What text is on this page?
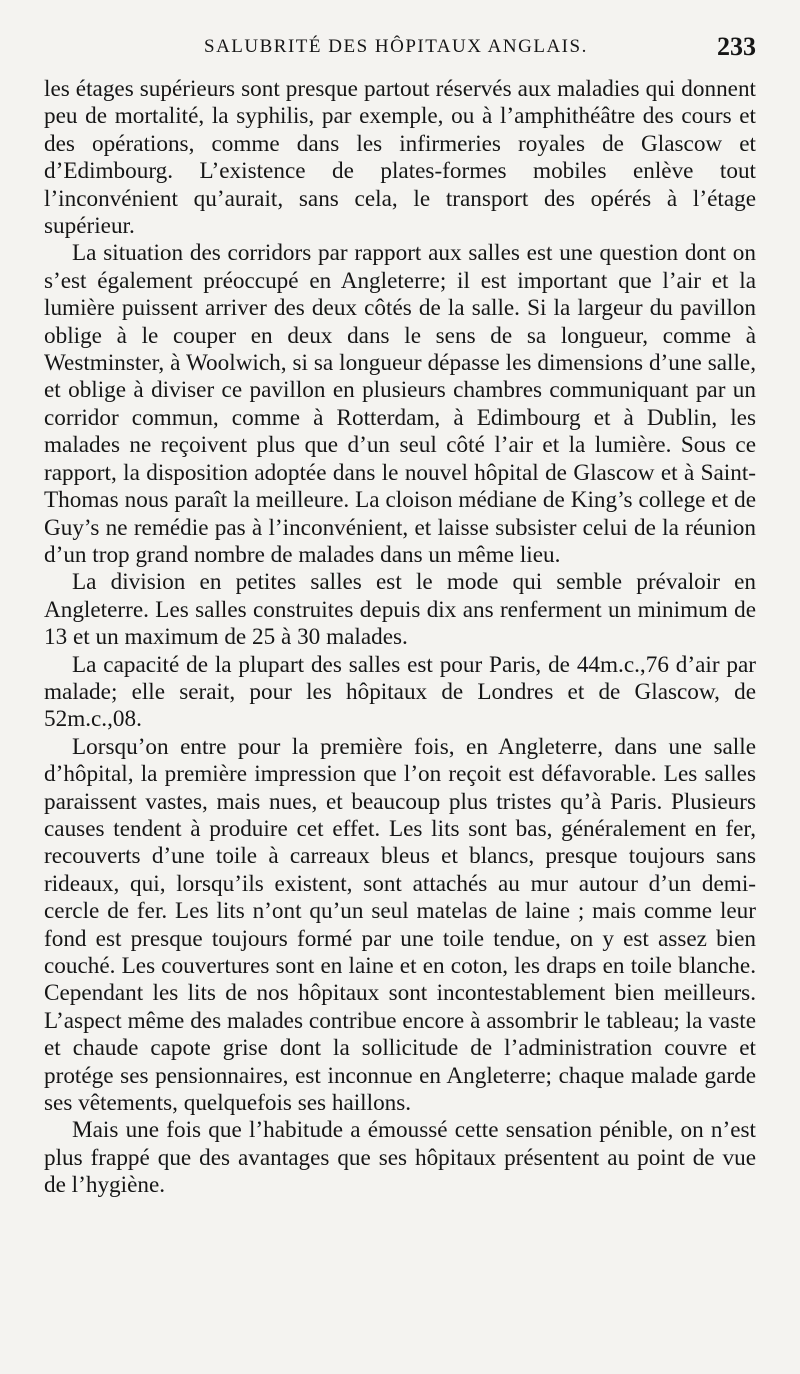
SALUBRITÉ DES HÔPITAUX ANGLAIS.	233

les étages supérieurs sont presque partout réservés aux maladies qui donnent peu de mortalité, la syphilis, par exemple, ou à l’amphithéâtre des cours et des opérations, comme dans les infirmeries royales de Glascow et d’Edimbourg. L’existence de plates-formes mobiles enlève tout l’inconvénient qu’aurait, sans cela, le transport des opérés à l’étage supérieur.

La situation des corridors par rapport aux salles est une question dont on s’est également préoccupé en Angleterre; il est important que l’air et la lumière puissent arriver des deux côtés de la salle. Si la largeur du pavillon oblige à le couper en deux dans le sens de sa longueur, comme à Westminster, à Woolwich, si sa longueur dépasse les dimensions d’une salle, et oblige à diviser ce pavillon en plusieurs chambres communiquant par un corridor commun, comme à Rotterdam, à Edimbourg et à Dublin, les malades ne reçoivent plus que d’un seul côté l’air et la lumière. Sous ce rapport, la disposition adoptée dans le nouvel hôpital de Glascow et à Saint-Thomas nous paraît la meilleure. La cloison médiane de King’s college et de Guy’s ne remédie pas à l’inconvénient, et laisse subsister celui de la réunion d’un trop grand nombre de malades dans un même lieu.

La division en petites salles est le mode qui semble prévaloir en Angleterre. Les salles construites depuis dix ans renferment un minimum de 13 et un maximum de 25 à 30 malades.

La capacité de la plupart des salles est pour Paris, de 44m.c.,76 d’air par malade; elle serait, pour les hôpitaux de Londres et de Glascow, de 52m.c.,08.

Lorsqu’on entre pour la première fois, en Angleterre, dans une salle d’hôpital, la première impression que l’on reçoit est défavorable. Les salles paraissent vastes, mais nues, et beaucoup plus tristes qu’à Paris. Plusieurs causes tendent à produire cet effet. Les lits sont bas, généralement en fer, recouverts d’une toile à carreaux bleus et blancs, presque toujours sans rideaux, qui, lorsqu’ils existent, sont attachés au mur autour d’un demi-cercle de fer. Les lits n’ont qu’un seul matelas de laine ; mais comme leur fond est presque toujours formé par une toile tendue, on y est assez bien couché. Les couvertures sont en laine et en coton, les draps en toile blanche. Cependant les lits de nos hôpitaux sont incontestablement bien meilleurs. L’aspect même des malades contribue encore à assombrir le tableau; la vaste et chaude capote grise dont la sollicitude de l’administration couvre et protége ses pensionnaires, est inconnue en Angleterre; chaque malade garde ses vêtements, quelquefois ses haillons.

Mais une fois que l’habitude a émoussé cette sensation pénible, on n’est plus frappé que des avantages que ses hôpitaux présentent au point de vue de l’hygiène.
